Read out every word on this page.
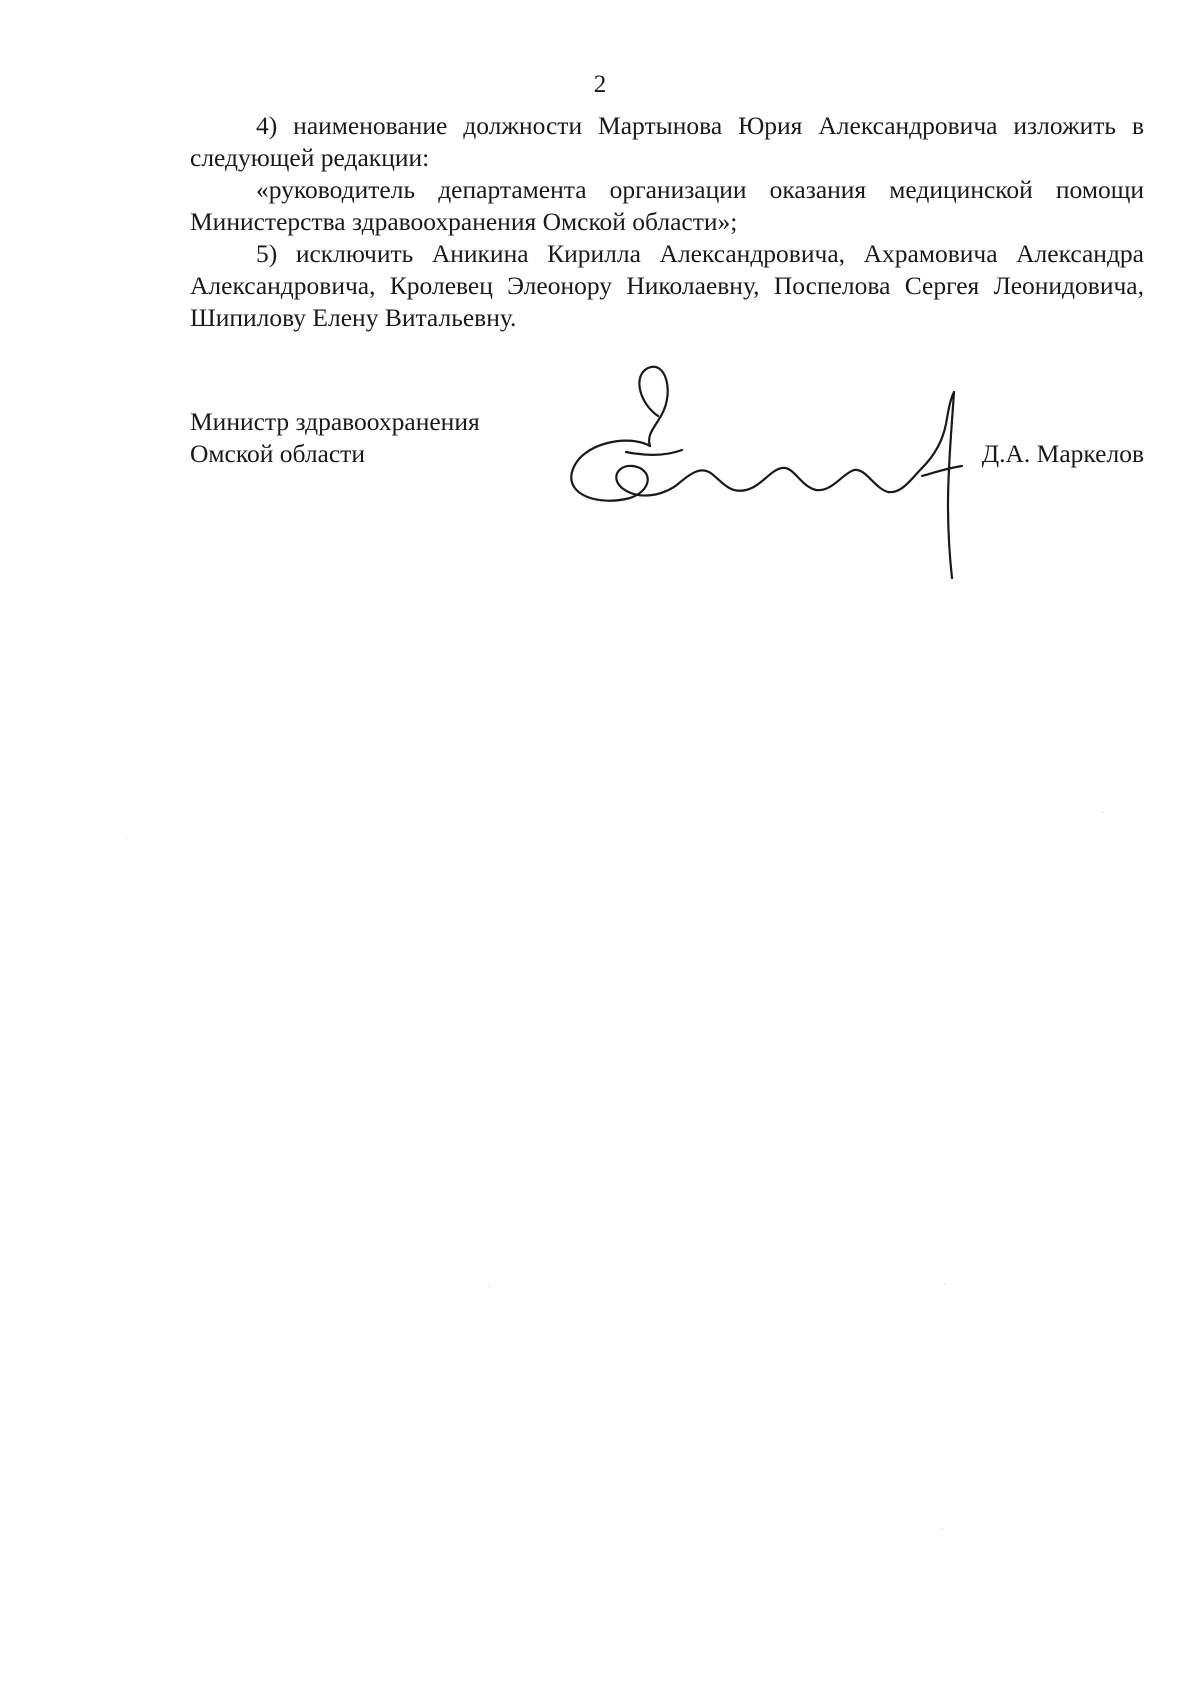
2

4) наименование должности Мартынова Юрия Александровича изложить в следующей редакции:

«руководитель департамента организации оказания медицинской помощи Министерства здравоохранения Омской области»;

5) исключить Аникина Кирилла Александровича, Ахрамовича Александра Александровича, Кролевец Элеонору Николаевну, Поспелова Сергея Леонидовича, Шипилову Елену Витальевну.

Министр здравоохранения
Омской области	Д.А. Маркелов
